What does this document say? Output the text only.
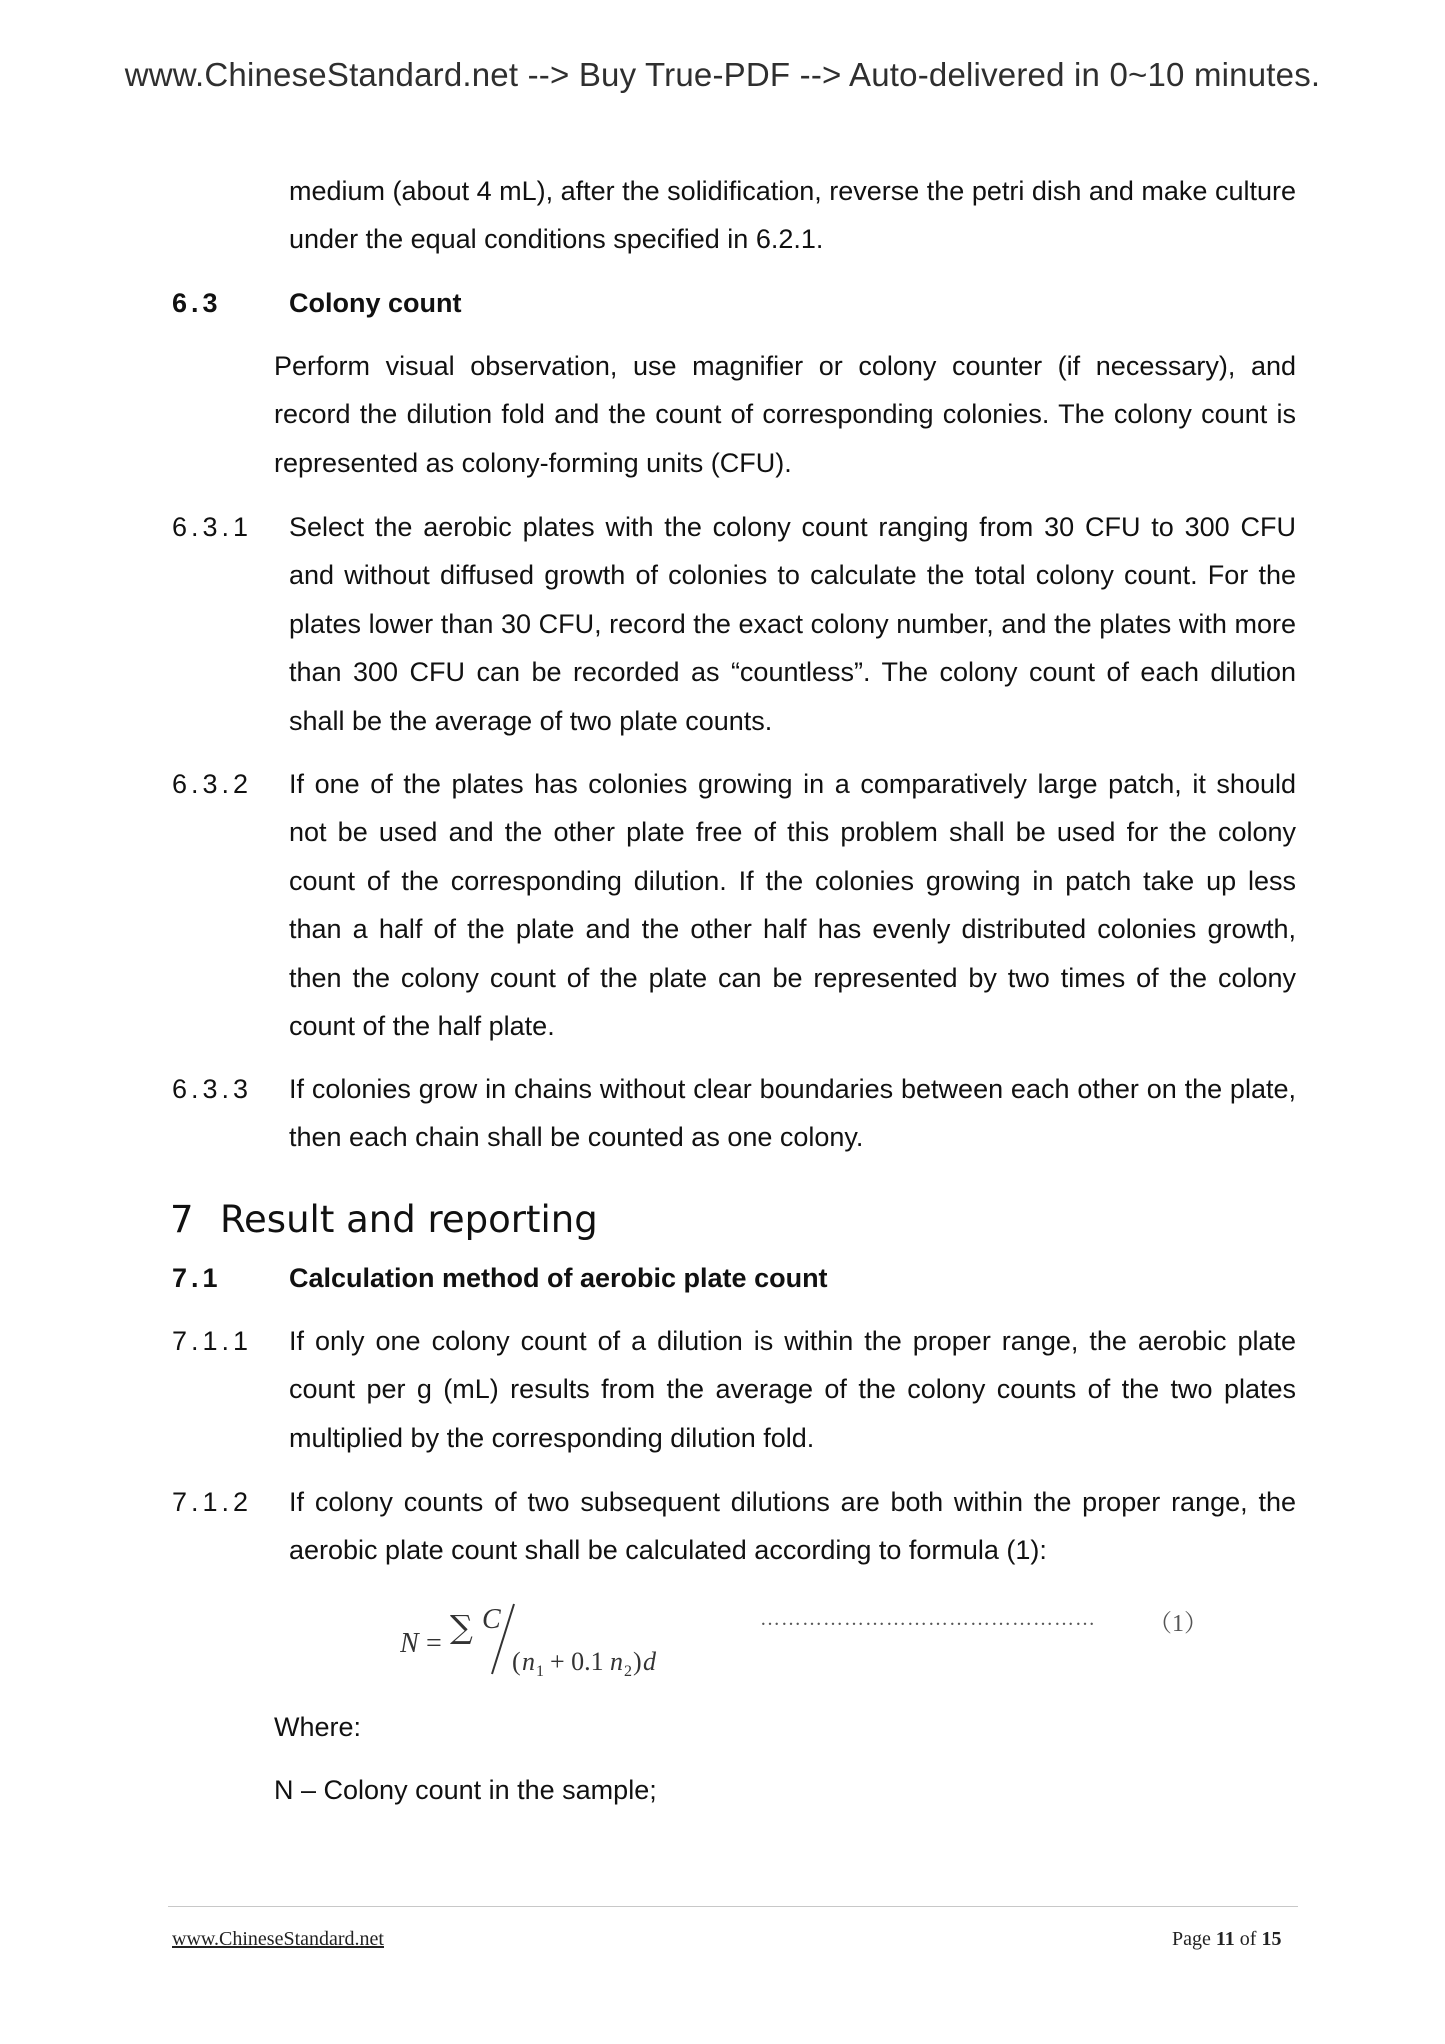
www.ChineseStandard.net --> Buy True-PDF --> Auto-delivered in 0~10 minutes.

medium (about 4 mL), after the solidification, reverse the petri dish and make culture under the equal conditions specified in 6.2.1.

6.3 Colony count

Perform visual observation, use magnifier or colony counter (if necessary), and record the dilution fold and the count of corresponding colonies. The colony count is represented as colony-forming units (CFU).

6.3.1 Select the aerobic plates with the colony count ranging from 30 CFU to 300 CFU and without diffused growth of colonies to calculate the total colony count. For the plates lower than 30 CFU, record the exact colony number, and the plates with more than 300 CFU can be recorded as “countless”. The colony count of each dilution shall be the average of two plate counts.

6.3.2 If one of the plates has colonies growing in a comparatively large patch, it should not be used and the other plate free of this problem shall be used for the colony count of the corresponding dilution. If the colonies growing in patch take up less than a half of the plate and the other half has evenly distributed colonies growth, then the colony count of the plate can be represented by two times of the colony count of the half plate.

6.3.3 If colonies grow in chains without clear boundaries between each other on the plate, then each chain shall be counted as one colony.

7 Result and reporting
7.1 Calculation method of aerobic plate count
7.1.1 If only one colony count of a dilution is within the proper range, the aerobic plate count per g (mL) results from the average of the colony counts of the two plates multiplied by the corresponding dilution fold.

7.1.2 If colony counts of two subsequent dilutions are both within the proper range, the aerobic plate count shall be calculated according to formula (1):

N = ∑ C
( n 1 + 0.1 n 2 ) d
………………………………………… （1）

Where:

N – Colony count in the sample;

www.ChineseStandard.net	Page 11 of 15
